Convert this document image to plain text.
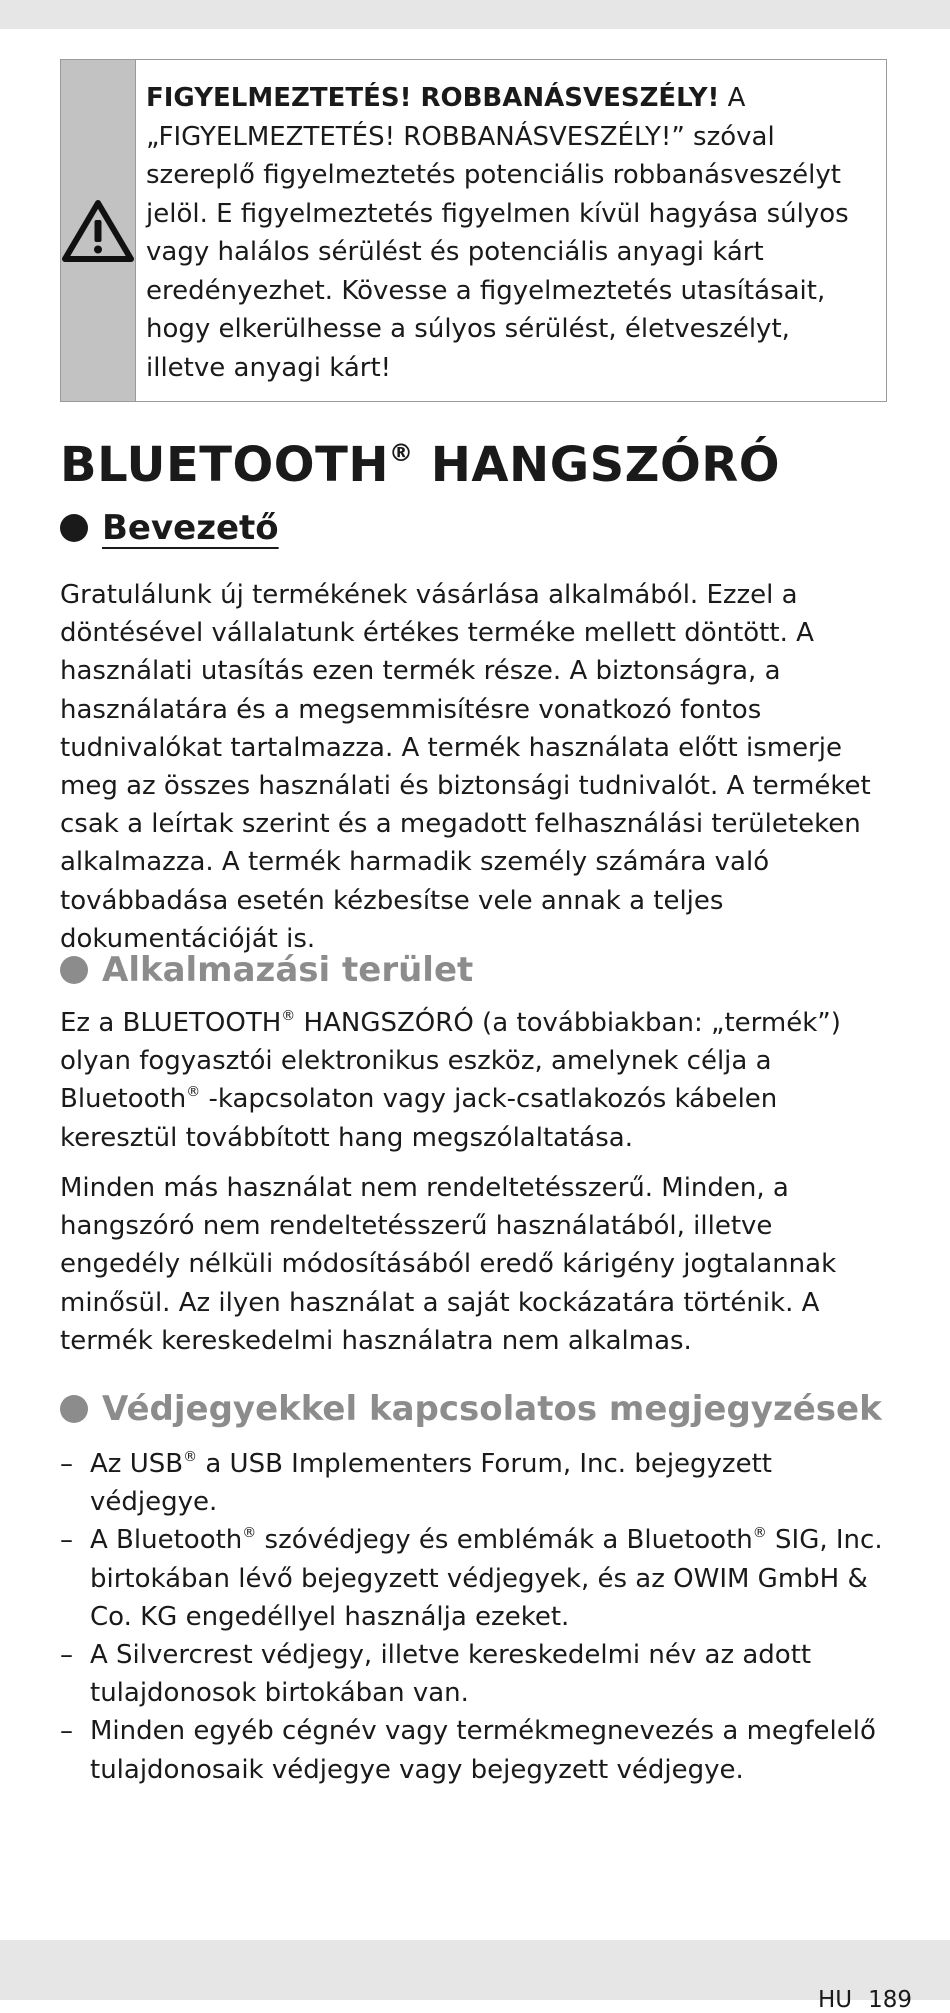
FIGYELMEZTETÉS! ROBBANÁSVESZÉLY! A „FIGYELMEZTETÉS! ROBBANÁSVESZÉLY!” szóval szereplő figyelmeztetés potenciális robbanásveszélyt jelöl. E figyelmeztetés figyelmen kívül hagyása súlyos vagy halálos sérülést és potenciális anyagi kárt eredényezhet. Kövesse a figyelmeztetés utasításait, hogy elkerülhesse a súlyos sérülést, életveszélyt, illetve anyagi kárt!
BLUETOOTH® HANGSZÓRÓ
Bevezető

Gratulálunk új termékének vásárlása alkalmából. Ezzel a döntésével vállalatunk értékes terméke mellett döntött. A használati utasítás ezen termék része. A biztonságra, a használatára és a megsemmisítésre vonatkozó fontos tudnivalókat tartalmazza. A termék használata előtt ismerje meg az összes használati és biztonsági tudnivalót. A terméket csak a leírtak szerint és a megadott felhasználási területeken alkalmazza. A termék harmadik személy számára való továbbadása esetén kézbesítse vele annak a teljes dokumentációját is.

Alkalmazási terület

Ez a BLUETOOTH® HANGSZÓRÓ (a továbbiakban: „termék”) olyan fogyasztói elektronikus eszköz, amelynek célja a Bluetooth® -kapcsolaton vagy jack-csatlakozós kábelen keresztül továbbított hang megszólaltatása.

Minden más használat nem rendeltetésszerű. Minden, a hangszóró nem rendeltetésszerű használatából, illetve engedély nélküli módosításából eredő kárigény jogtalannak minősül. Az ilyen használat a saját kockázatára történik. A termék kereskedelmi használatra nem alkalmas.

Védjegyekkel kapcsolatos megjegyzések
– Az USB® a USB Implementers Forum, Inc. bejegyzett védjegye.
– A Bluetooth® szóvédjegy és emblémák a Bluetooth® SIG, Inc. birtokában lévő bejegyzett védjegyek, és az OWIM GmbH & Co. KG engedéllyel használja ezeket.
– A Silvercrest védjegy, illetve kereskedelmi név az adott tulajdonosok birtokában van.
– Minden egyéb cégnév vagy termékmegnevezés a megfelelő tulajdonosaik védjegye vagy bejegyzett védjegye.
HU 189
